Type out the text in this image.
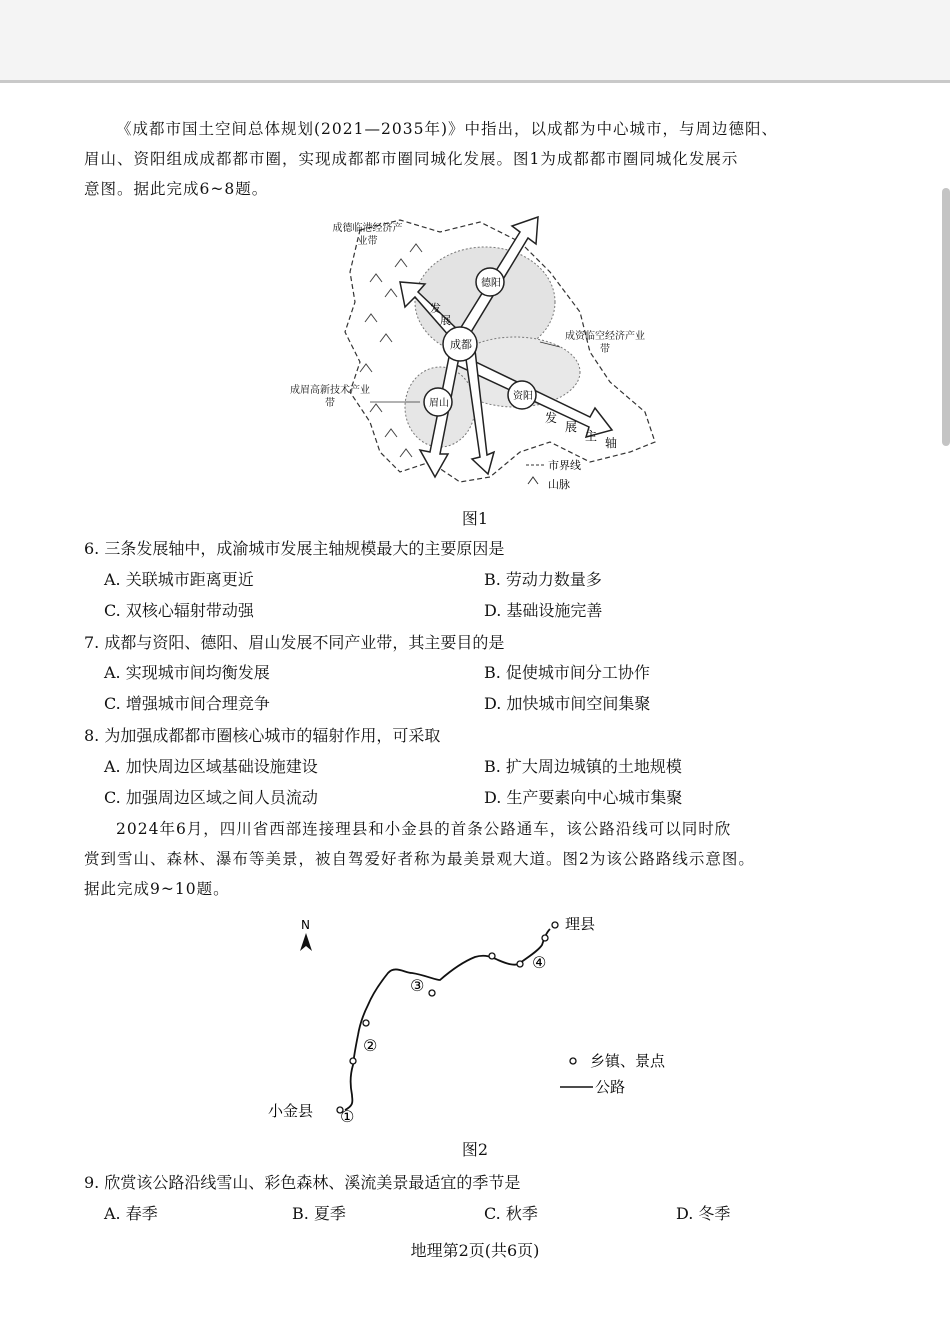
《成都市国土空间总体规划(2021—2035年)》中指出，以成都为中心城市，与周边德阳、
眉山、资阳组成成都都市圈，实现成都都市圈同城化发展。图1为成都都市圈同城化发展示
意图。据此完成6~8题。
发
展
主 轴
发
展
成都
德阳
眉山
资阳
成德临港经济产业带
成资临空经济产业带
成眉高新技术产业带
市界线
山脉
图1
6. 三条发展轴中，成渝城市发展主轴规模最大的主要原因是
A. 关联城市距离更近	B. 劳动力数量多
C. 双核心辐射带动强	D. 基础设施完善
7. 成都与资阳、德阳、眉山发展不同产业带，其主要目的是
A. 实现城市间均衡发展	B. 促使城市间分工协作
C. 增强城市间合理竞争	D. 加快城市间空间集聚
8. 为加强成都都市圈核心城市的辐射作用，可采取
A. 加快周边区域基础设施建设	B. 扩大周边城镇的土地规模
C. 加强周边区域之间人员流动	D. 生产要素向中心城市集聚
2024年6月，四川省西部连接理县和小金县的首条公路通车，该公路沿线可以同时欣
赏到雪山、森林、瀑布等美景，被自驾爱好者称为最美景观大道。图2为该公路路线示意图。
据此完成9~10题。
N	理县
小金县 ①
②
③
④
乡镇、景点
公路
图2
9. 欣赏该公路沿线雪山、彩色森林、溪流美景最适宜的季节是
A. 春季	B. 夏季	C. 秋季	D. 冬季
地理第2页(共6页)
